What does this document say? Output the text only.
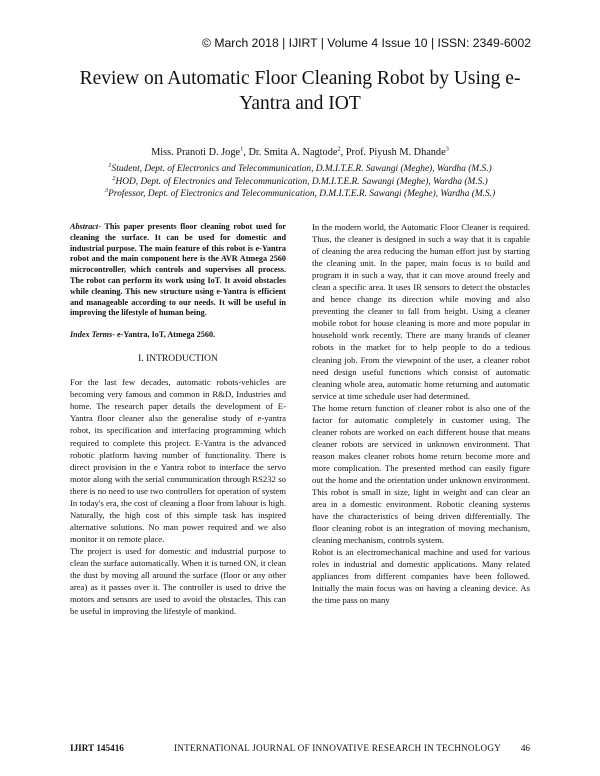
© March 2018 | IJIRT | Volume 4 Issue 10 | ISSN: 2349-6002
Review on Automatic Floor Cleaning Robot by Using e-
Yantra and IOT
Miss. Pranoti D. Joge$^1$, Dr. Smita A. Nagtode$^2$, Prof. Piyush M. Dhande$^3$
$^1$Student, Dept. of Electronics and Telecommunication, D.M.I.T.E.R. Sawangi (Meghe), Wardha (M.S.)
$^2$HOD, Dept. of Electronics and Telecommunication, D.M.I.T.E.R. Sawangi (Meghe), Wardha (M.S.)
$^3$Professor, Dept. of Electronics and Telecommunication, D.M.I.T.E.R. Sawangi (Meghe), Wardha (M.S.)

Abstract- This paper presents floor cleaning robot used for cleaning the surface. It can be used for domestic and industrial purpose. The main feature of this robot is e-Yantra robot and the main component here is the AVR Atmega 2560 microcontroller, which controls and supervises all process. The robot can perform its work using IoT. It avoid obstacles while cleaning. This new structure using e-Yantra is efficient and manageable according to our needs. It will be useful in improving the lifestyle of human being.

Index Terms- e-Yantra, IoT, Atmega 2560.

I. INTRODUCTION

For the last few decades, automatic robots-vehicles are becoming very famous and common in R&D, Industries and home. The research paper details the development of E-Yantra floor cleaner also the generalise study of e-yantra robot, its specification and interfacing programming which required to complete this project. E-Yantra is the advanced robotic platform having number of functionality. There is direct provision in the e Yantra robot to interface the servo motor along with the serial communication through RS232 so there is no need to use two controllers for operation of system In today's era, the cost of cleaning a floor from labour is high. Naturally, the high cost of this simple task has inspired alternative solutions. No man power required and we also monitor it on remote place.

The project is used for domestic and industrial purpose to clean the surface automatically. When it is turned ON, it clean the dust by moving all around the surface (floor or any other area) as it passes over it. The controller is used to drive the motors and sensors are used to avoid the obstacles. This can be useful in improving the lifestyle of mankind.

In the modern world, the Automatic Floor Cleaner is required. Thus, the cleaner is designed in such a way that it is capable of cleaning the area reducing the human effort just by starting the cleaning unit. In the paper, main focus is to build and program it in such a way, that it can move around freely and clean a specific area. It uses IR sensors to detect the obstacles and hence change its direction while moving and also preventing the cleaner to fall from height. Using a cleaner mobile robot for house cleaning is more and more popular in household work recently. There are many brands of cleaner robots in the market for to help people to do a tedious cleaning job. From the viewpoint of the user, a cleaner robot need design useful functions which consist of automatic cleaning whole area, automatic home returning and automatic service at time schedule user had determined.

The home return function of cleaner robot is also one of the factor for automatic completely in customer using. The cleaner robots are worked on each different house that means cleaner robots are serviced in unknown environment. That reason makes cleaner robots home return become more and more complication. The presented method can easily figure out the home and the orientation under unknown environment. This robot is small in size, light in weight and can clear an area in a domestic environment. Robotic cleaning systems have the characteristics of being driven differentially. The floor cleaning robot is an integration of moving mechanism, cleaning mechanism, controls system.

Robot is an electromechanical machine and used for various roles in industrial and domestic applications. Many related appliances from different companies have been followed. Initially the main focus was on having a cleaning device. As the time pass on many

IJIRT 145416	INTERNATIONAL JOURNAL OF INNOVATIVE RESEARCH IN TECHNOLOGY 46
